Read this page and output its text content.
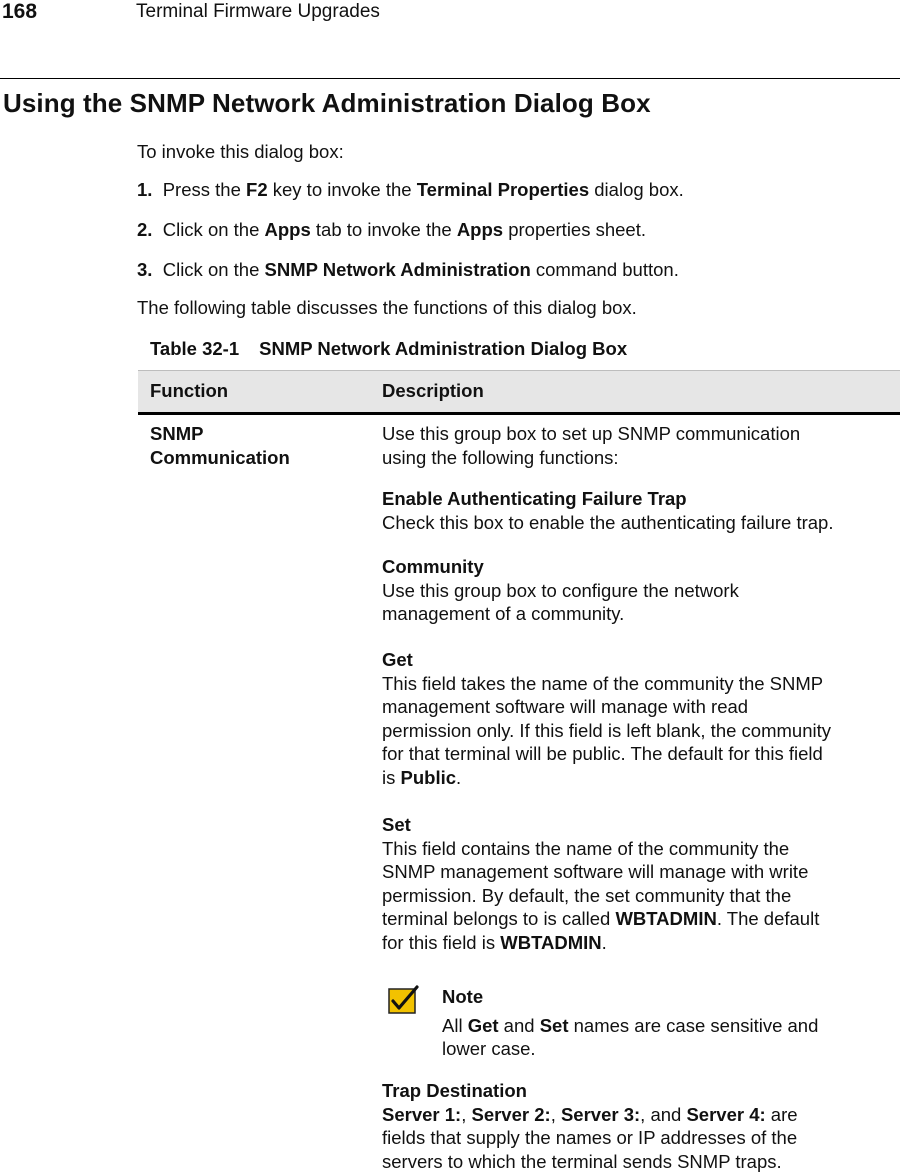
168	Terminal Firmware Upgrades
Using the SNMP Network Administration Dialog Box
To invoke this dialog box:
1. Press the F2 key to invoke the Terminal Properties dialog box.
2. Click on the Apps tab to invoke the Apps properties sheet.
3. Click on the SNMP Network Administration command button.
The following table discusses the functions of this dialog box.
Table 32-1 SNMP Network Administration Dialog Box
Function	Description
SNMP
Communication
Use this group box to set up SNMP communication
using the following functions:
Enable Authenticating Failure Trap
Check this box to enable the authenticating failure trap.
Community
Use this group box to configure the network
management of a community.
Get
This field takes the name of the community the SNMP
management software will manage with read
permission only. If this field is left blank, the community
for that terminal will be public. The default for this field
is Public.
Set
This field contains the name of the community the
SNMP management software will manage with write
permission. By default, the set community that the
terminal belongs to is called WBTADMIN. The default
for this field is WBTADMIN.
Note
All Get and Set names are case sensitive and
lower case.
Trap Destination
Server 1:, Server 2:, Server 3:, and Server 4: are
fields that supply the names or IP addresses of the
servers to which the terminal sends SNMP traps.
